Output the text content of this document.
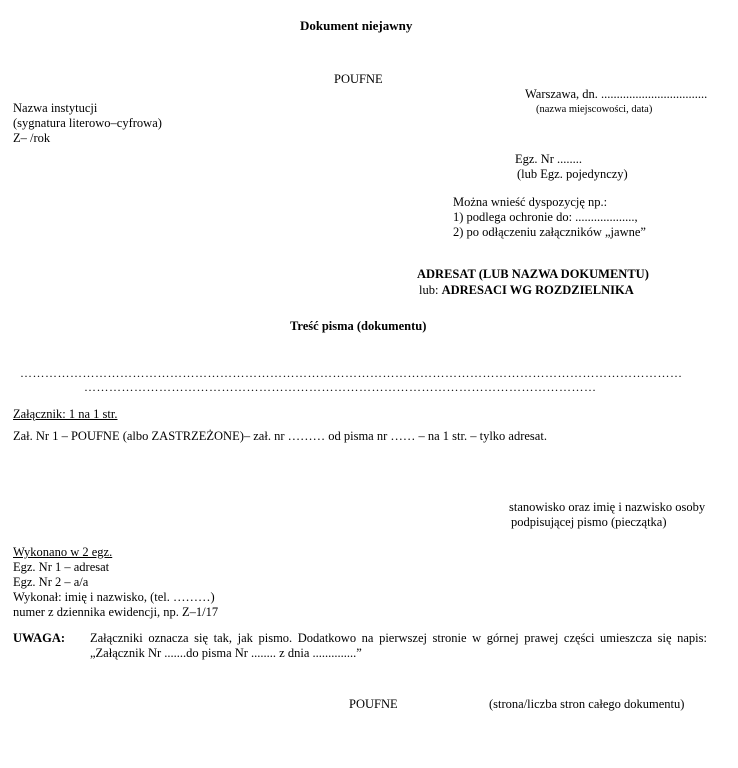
Dokument niejawny
POUFNE
Warszawa, dn. ..................................
(nazwa miejscowości, data)
Nazwa instytucji
(sygnatura literowo–cyfrowa)
Z– /rok
Egz. Nr ........
(lub Egz. pojedynczy)
Można wnieść dyspozycję np.:
1) podlega ochronie do: ...................,
2) po odłączeniu załączników „jawne”
ADRESAT (LUB NAZWA DOKUMENTU)
lub: ADRESACI WG ROZDZIELNIKA
Treść pisma (dokumentu)
……………………………………………………………………………………………………………………………………………
……………………………………………………………………………………………………………
Załącznik: 1 na 1 str.
Zał. Nr 1 – POUFNE (albo ZASTRZEŻONE)– zał. nr ……… od pisma nr …… – na 1 str. – tylko adresat.
stanowisko oraz imię i nazwisko osoby
podpisującej pismo (pieczątka)
Wykonano w 2 egz.
Egz. Nr 1 – adresat
Egz. Nr 2 – a/a
Wykonał: imię i nazwisko, (tel. ………)
numer z dziennika ewidencji, np. Z–1/17
UWAGA: Załączniki oznacza się tak, jak pismo. Dodatkowo na pierwszej stronie w górnej prawej części umieszcza się napis: „Załącznik Nr .......do pisma Nr ........ z dnia ..............”
POUFNE	(strona/liczba stron całego dokumentu)
